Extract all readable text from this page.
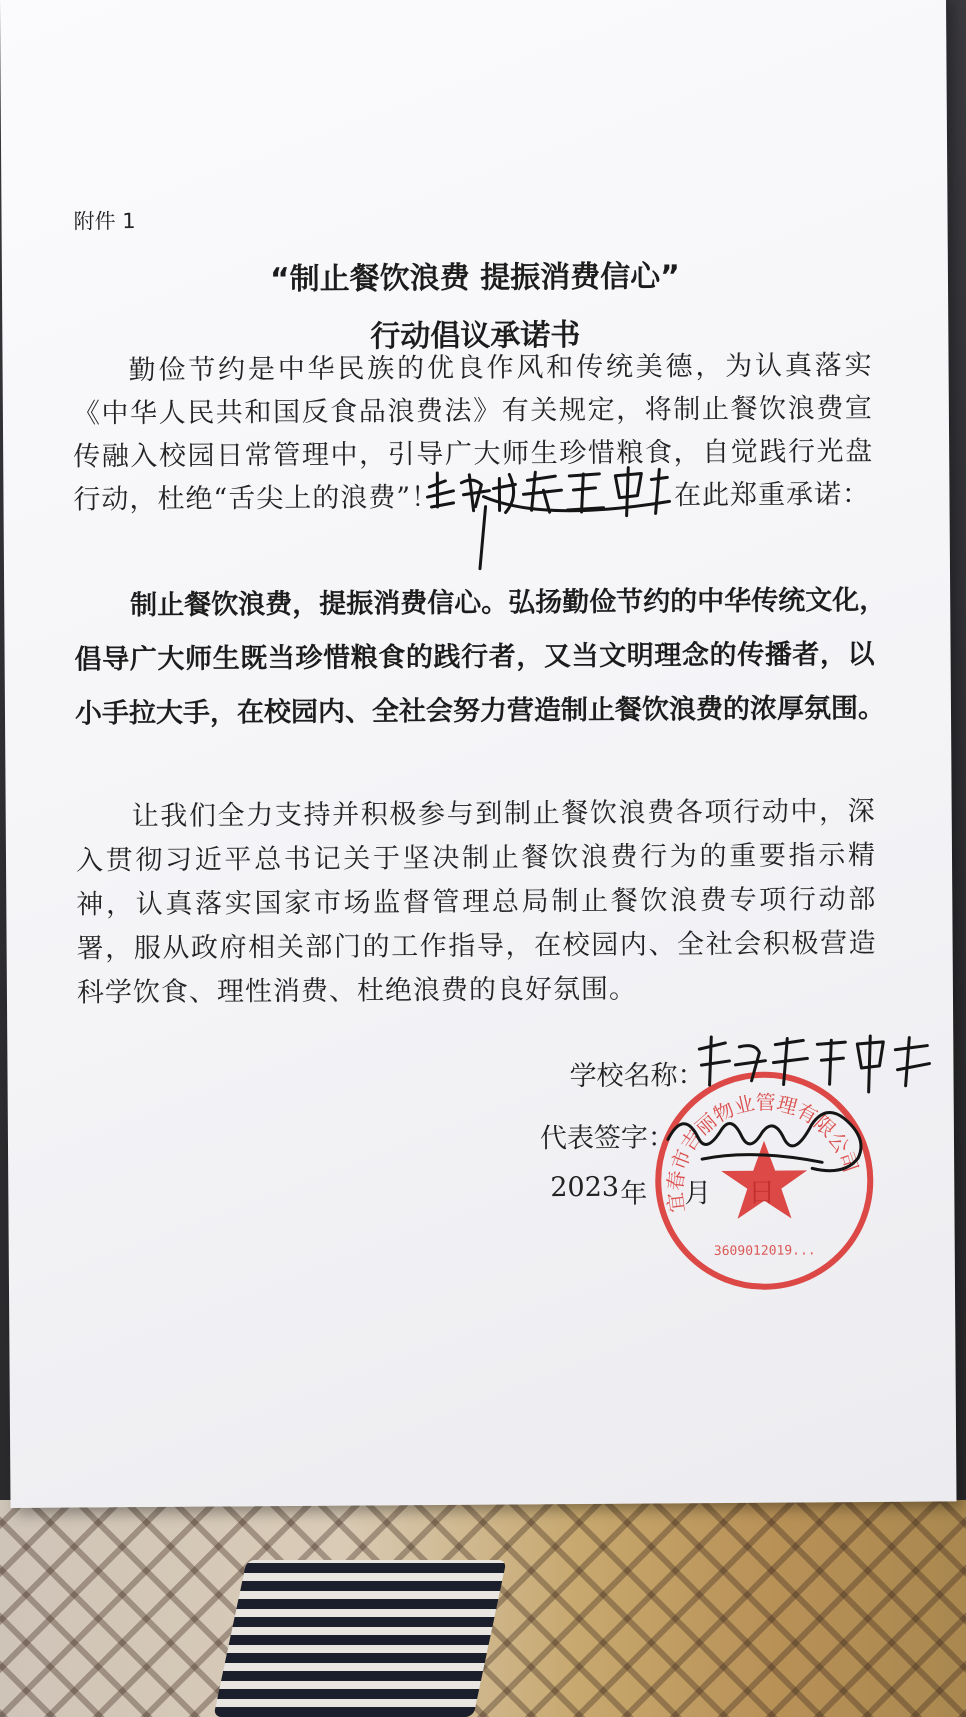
附件 1

“制止餐饮浪费 提振消费信心”

行动倡议承诺书

勤俭节约是中华民族的优良作风和传统美德，为认真落实
《中华人民共和国反食品浪费法》有关规定，将制止餐饮浪费宣
传融入校园日常管理中，引导广大师生珍惜粮食，自觉践行光盘
行动，杜绝“舌尖上的浪费”！	在此郑重承诺：
制止餐饮浪费，提振消费信心。弘扬勤俭节约的中华传统文化，
倡导广大师生既当珍惜粮食的践行者，又当文明理念的传播者，以
小手拉大手，在校园内、全社会努力营造制止餐饮浪费的浓厚氛围。
让我们全力支持并积极参与到制止餐饮浪费各项行动中，深
入贯彻习近平总书记关于坚决制止餐饮浪费行为的重要指示精
神，认真落实国家市场监督管理总局制止餐饮浪费专项行动部
署，服从政府相关部门的工作指导，在校园内、全社会积极营造
科学饮食、理性消费、杜绝浪费的良好氛围。

学校名称：

代表签字：

2023 年 月

宜春市吉丽物业管理有限公司
3609012019...
